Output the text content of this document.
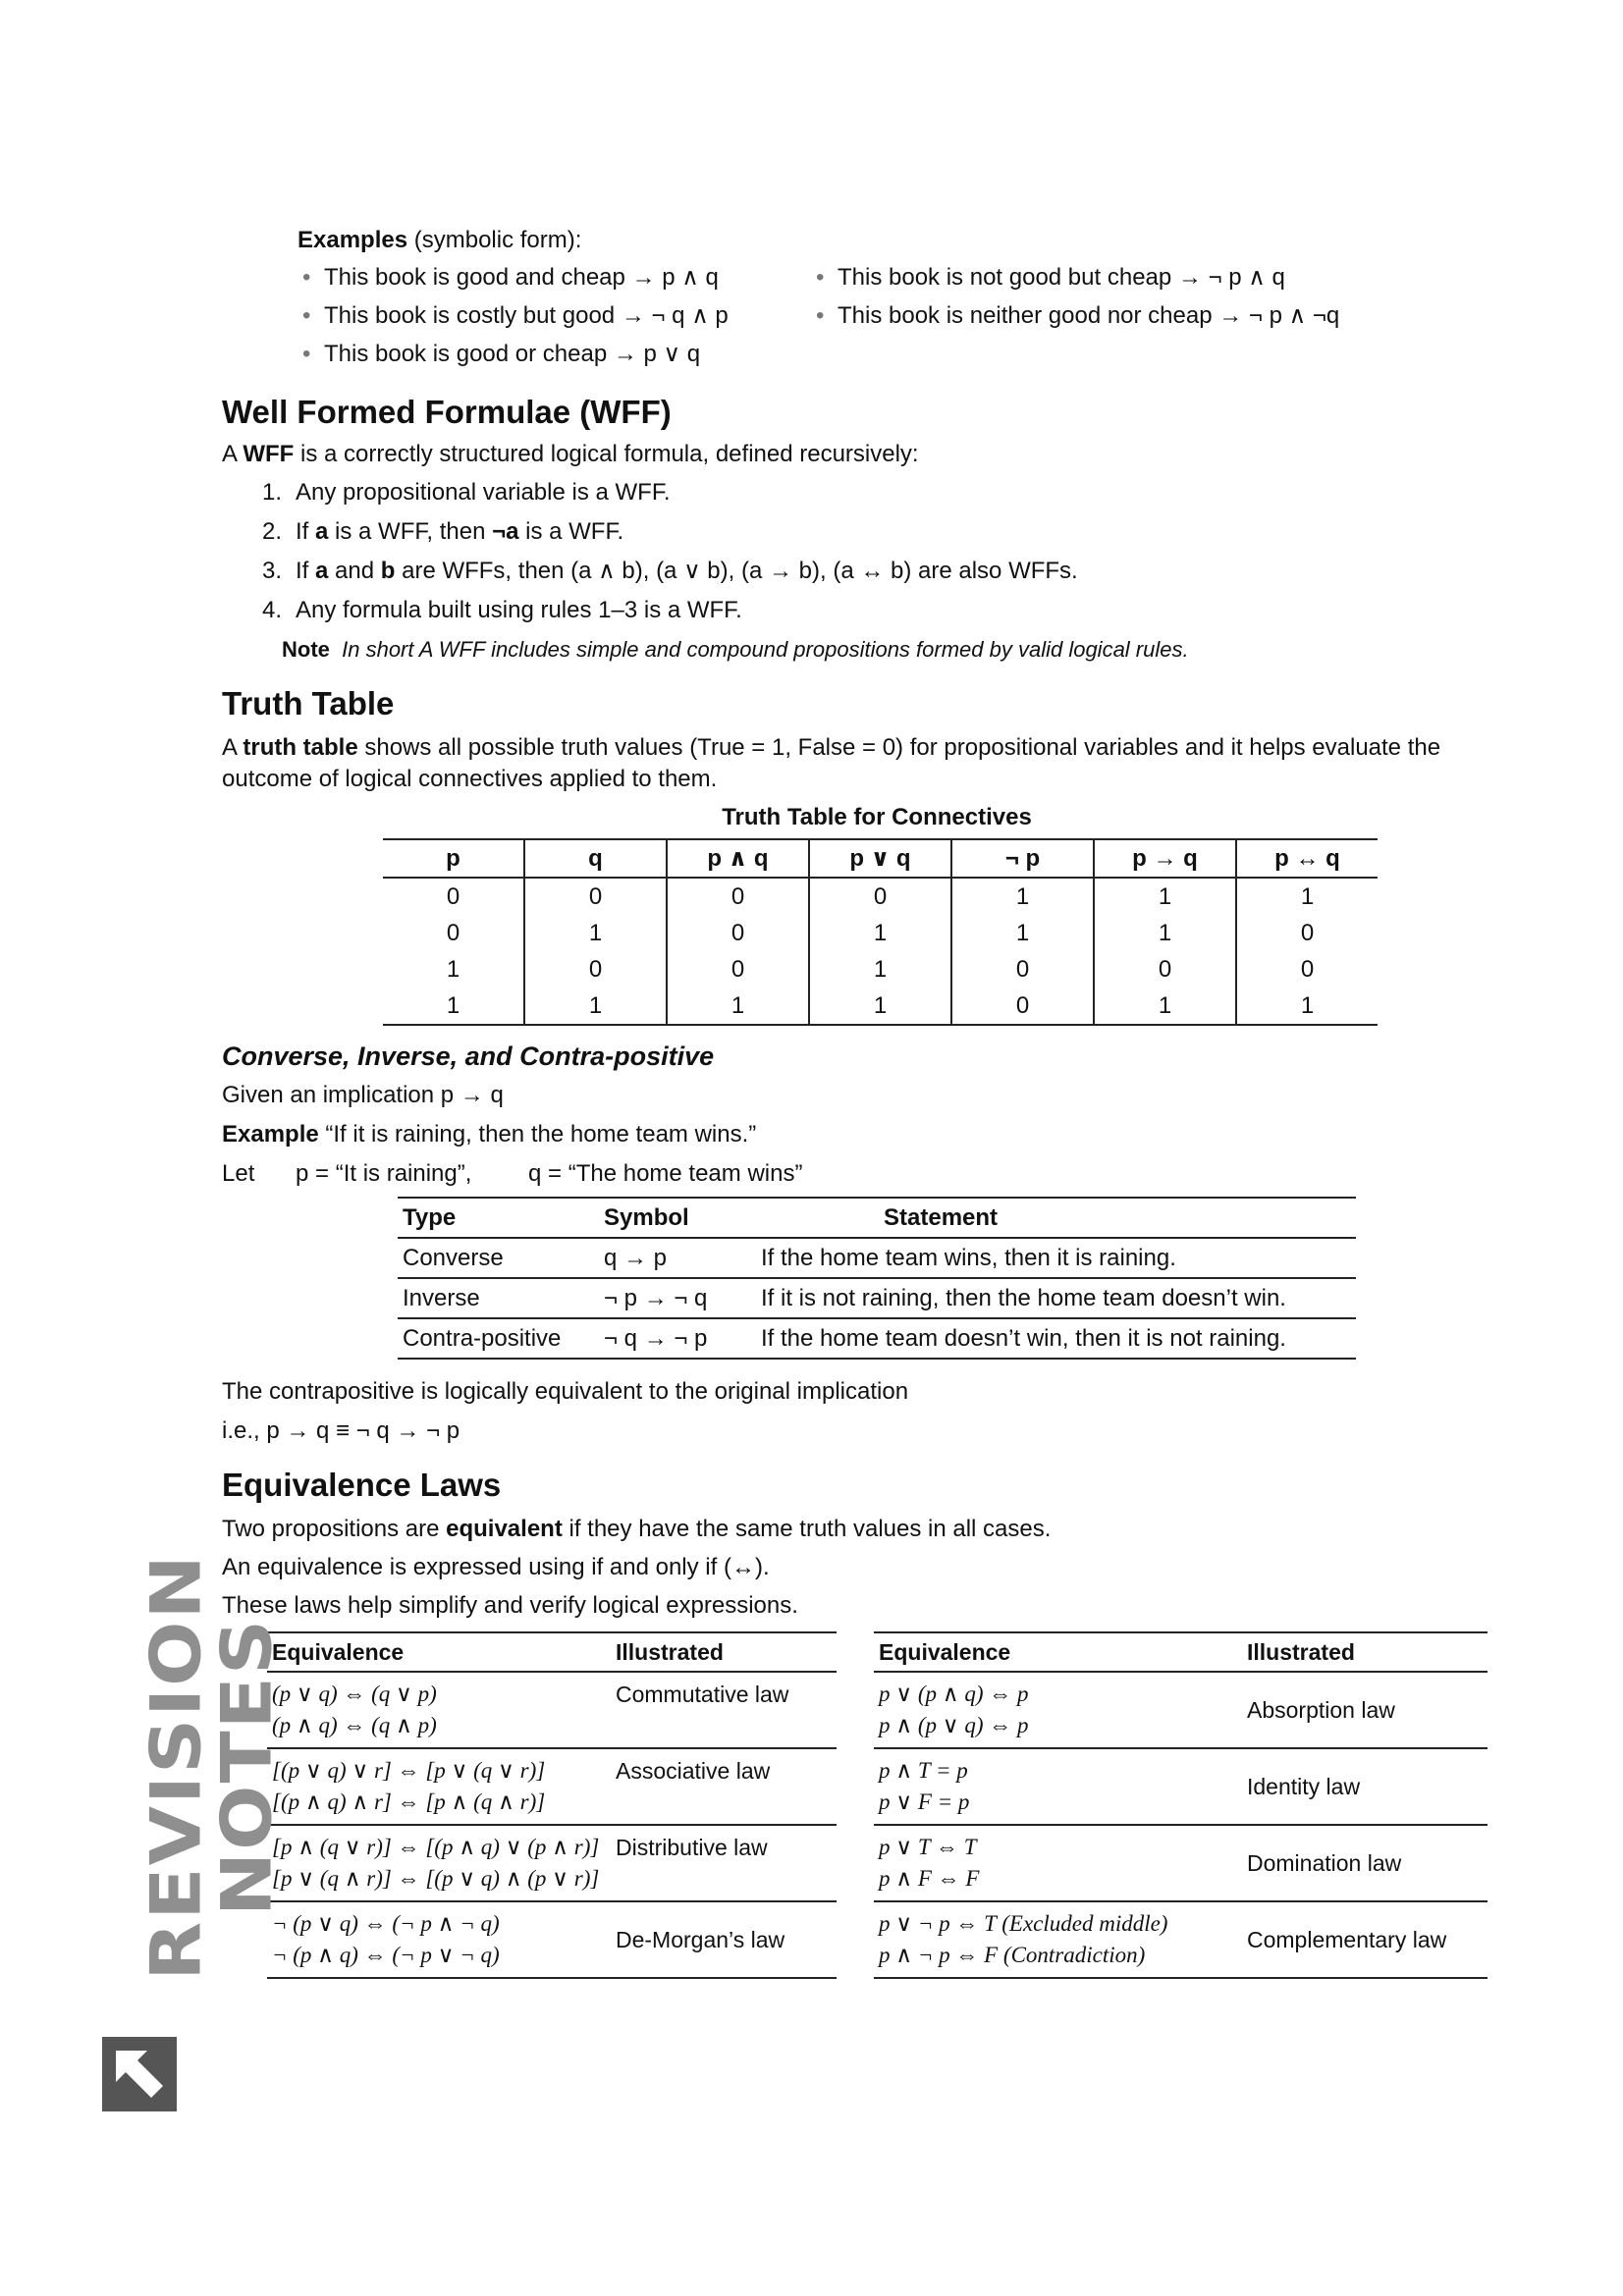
Examples (symbolic form):
• This book is good and cheap → p ∧ q
• This book is costly but good → ¬ q ∧ p
• This book is good or cheap → p ∨ q
• This book is not good but cheap → ¬ p ∧ q
• This book is neither good nor cheap → ¬ p ∧ ¬q
Well Formed Formulae (WFF)
A WFF is a correctly structured logical formula, defined recursively:
1. Any propositional variable is a WFF.
2. If a is a WFF, then ¬a is a WFF.
3. If a and b are WFFs, then (a ∧ b), (a ∨ b), (a → b), (a ↔ b) are also WFFs.
4. Any formula built using rules 1–3 is a WFF.
Note In short A WFF includes simple and compound propositions formed by valid logical rules.
Truth Table
A truth table shows all possible truth values (True = 1, False = 0) for propositional variables and it helps evaluate the
outcome of logical connectives applied to them.
Truth Table for Connectives
p	q	p ∧ q	p ∨ q	¬ p	p → q	p ↔ q
0	0	0	0	1	1	1
0	1	0	1	1	1	0
1	0	0	1	0	0	0
1	1	1	1	0	1	1
Converse, Inverse, and Contra-positive
Given an implication p → q
Example “If it is raining, then the home team wins.”
Let p = “It is raining”, q = “The home team wins”
Type	Symbol	Statement
Converse	q → p	If the home team wins, then it is raining.
Inverse	¬ p → ¬ q	If it is not raining, then the home team doesn’t win.
Contra-positive	¬ q → ¬ p	If the home team doesn’t win, then it is not raining.
The contrapositive is logically equivalent to the original implication
i.e., p → q ≡ ¬ q → ¬ p
Equivalence Laws
Two propositions are equivalent if they have the same truth values in all cases.
An equivalence is expressed using if and only if (↔).
These laws help simplify and verify logical expressions.
Equivalence	Illustrated

(p ∨ q) ⇔ (q ∨ p)
(p ∧ q) ⇔ (q ∧ p)	Commutative law

[(p ∨ q) ∨ r] ⇔ [p ∨ (q ∨ r)]
[(p ∧ q) ∧ r] ⇔ [p ∧ (q ∧ r)]	Associative law

[p ∧ (q ∨ r)] ⇔ [(p ∧ q) ∨ (p ∧ r)]
[p ∨ (q ∧ r)] ⇔ [(p ∨ q) ∧ (p ∨ r)]	Distributive law

¬ (p ∨ q) ⇔ (¬ p ∧ ¬ q)
¬ (p ∧ q) ⇔ (¬ p ∨ ¬ q)	De-Morgan’s law
Equivalence	Illustrated

p ∨ (p ∧ q) ⇔ p
p ∧ (p ∨ q) ⇔ p	Absorption law

p ∧ T = p
p ∨ F = p	Identity law

p ∨ T ⇔ T
p ∧ F ⇔ F	Domination law

p ∨ ¬ p ⇔ T (Excluded middle)
p ∧ ¬ p ⇔ F (Contradiction)	Complementary law
REVISION NOTES
